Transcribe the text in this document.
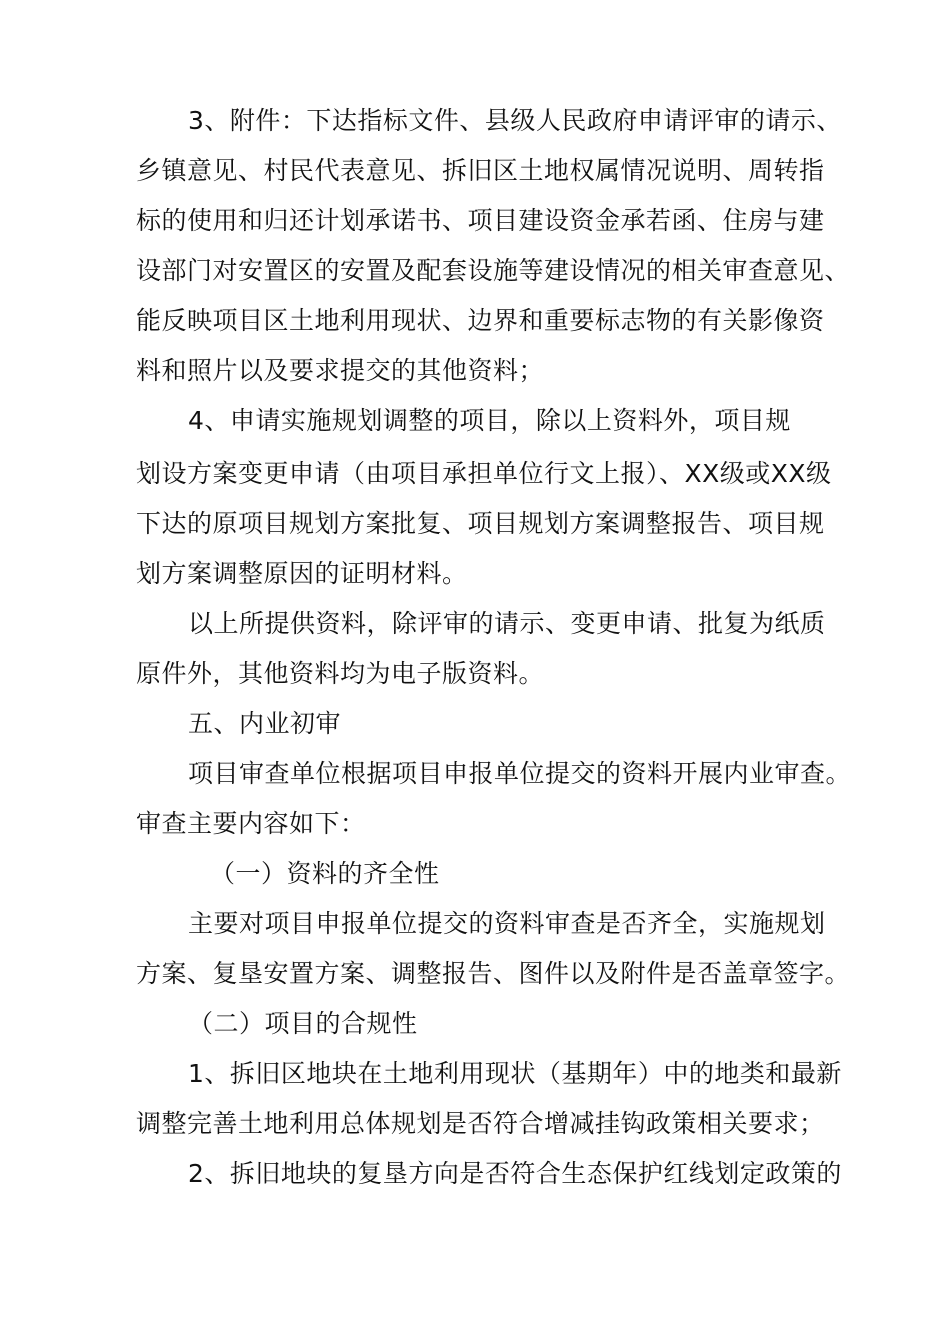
3、附件：下达指标文件、县级人民政府申请评审的请示、
乡镇意见、村民代表意见、拆旧区土地权属情况说明、周转指
标的使用和归还计划承诺书、项目建设资金承若函、住房与建
设部门对安置区的安置及配套设施等建设情况的相关审查意见、
能反映项目区土地利用现状、边界和重要标志物的有关影像资
料和照片以及要求提交的其他资料；
4、申请实施规划调整的项目，除以上资料外，项目规
划设方案变更申请（由项目承担单位行文上报）、XX级或XX级
下达的原项目规划方案批复、项目规划方案调整报告、项目规
划方案调整原因的证明材料。
以上所提供资料，除评审的请示、变更申请、批复为纸质
原件外，其他资料均为电子版资料。
五、内业初审
项目审查单位根据项目申报单位提交的资料开展内业审查。
审查主要内容如下：
（一）资料的齐全性
主要对项目申报单位提交的资料审查是否齐全，实施规划
方案、复垦安置方案、调整报告、图件以及附件是否盖章签字。
（二）项目的合规性
1、拆旧区地块在土地利用现状（基期年）中的地类和最新
调整完善土地利用总体规划是否符合增减挂钩政策相关要求；
2、拆旧地块的复垦方向是否符合生态保护红线划定政策的
